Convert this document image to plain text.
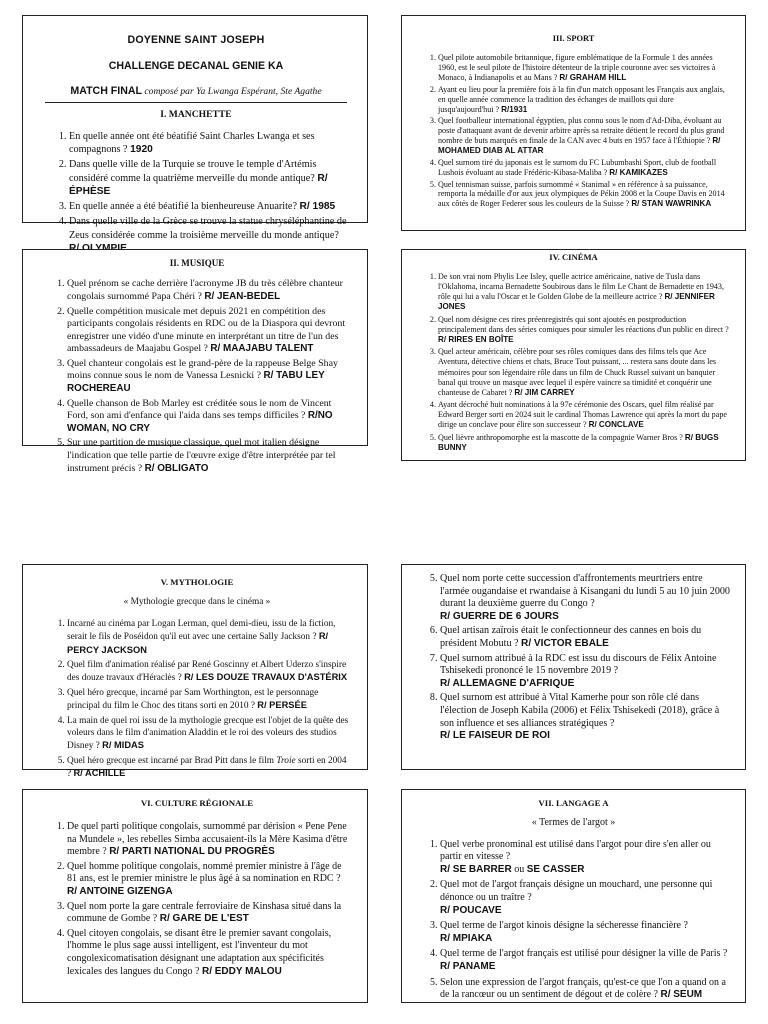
DOYENNE SAINT JOSEPH
CHALLENGE DECANAL GENIE KA
MATCH FINAL composé par Ya Lwanga Espérant, Ste Agathe
I. MANCHETTE
1. En quelle année ont été béatifié Saint Charles Lwanga et ses compagnons ? 1920
2. Dans quelle ville de la Turquie se trouve le temple d'Artémis considéré comme la quatrième merveille du monde antique? R/ ÉPHÈSE
3. En quelle année a été béatifié la bienheureuse Anuarite? R/ 1985
4. Dans quelle ville de la Grèce se trouve la statue chryséléphantine de Zeus considérée comme la troisième merveille du monde antique?
III. SPORT
1. Quel pilote automobile britannique, figure emblématique de la Formule 1 des années 1960, est le seul pilote de l'histoire détenteur de la triple couronne avec ses victoires à Monaco, à Indianapolis et au Mans ? R/ GRAHAM HILL
2. Ayant eu lieu pour la première fois à la fin d'un match opposant les Français aux anglais, en quelle année commence la tradition des échanges de maillots qui dure jusqu'aujourd'hui ? R/1931
3. Quel footballeur international égyptien, plus connu sous le nom d'Ad-Diba, évoluant au poste d'attaquant avant de devenir arbitre après sa retraite détient le record du plus grand nombre de buts marqués en finale de la CAN avec 4 buts en 1957 face à l'Éthiopie ? R/ MOHAMED DIAB AL ATTAR
4. Quel surnom tiré du japonais est le surnom du FC Lubumbashi Sport, club de football Lushois évoluant au stade Frédéric-Kibasa-Maliba ? R/ KAMIKAZES
5. Quel tennisman suisse, parfois surnommé « Stanimal » en référence à sa puissance, remporta la médaille d'or aux jeux olympiques de Pékin 2008 et la Coupe Davis en 2014 aux côtés de Roger Federer sous les couleurs de la Suisse ? R/ STAN WAWRINKA
II. MUSIQUE
1. Quel prénom se cache derrière l'acronyme JB du très célèbre chanteur congolais surnommé Papa Chéri ? R/ JEAN-BEDEL
2. Quelle compétition musicale met depuis 2021 en compétition des participants congolais résidents en RDC ou de la Diaspora qui devront enregistrer une vidéo d'une minute en interprétant un titre de l'un des ambassadeurs de Maajabu Gospel ? R/ MAAJABU TALENT
3. Quel chanteur congolais est le grand-père de la rappeuse Belge Shay moins connue sous le nom de Vanessa Lesnicki ? R/ TABU LEY ROCHEREAU
4. Quelle chanson de Bob Marley est créditée sous le nom de Vincent Ford, son ami d'enfance qui l'aida dans ses temps difficiles ? R/NO WOMAN, NO CRY
5. Sur une partition de musique classique, quel mot italien désigne l'indication que telle partie de l'œuvre exige d'être interprétée par tel instrument précis ? R/ OBLIGATO
IV. CINÉMA
1. De son vrai nom Phylis Lee Isley, quelle actrice américaine, native de Tusla dans l'Oklahoma, incarna Bernadette Soubirous dans le film Le Chant de Bernadette en 1943, rôle qui lui a valu l'Oscar et le Golden Globe de la meilleure actrice ? R/ JENNIFER JONES
2. Quel nom désigne ces rires préenregistrés qui sont ajoutés en postproduction principalement dans des séries comiques pour simuler les réactions d'un public en direct ? R/ RIRES EN BOÎTE
3. Quel acteur américain, célèbre pour ses rôles comiques dans des films tels que Ace Aventura, détective chiens et chats, Bruce Tout puissant, ... restera sans doute dans les mémoires pour son légendaire rôle dans un film de Chuck Russel suivant un banquier banal qui trouve un masque avec lequel il espère vaincre sa timidité et conquérir une chanteuse de Cabaret ? R/ JIM CARREY
4. Ayant décroché huit nominations à la 97e cérémonie des Oscars, quel film réalisé par Edward Berger sorti en 2024 suit le cardinal Thomas Lawrence qui après la mort du pape dirige un conclave pour élire son successeur ? R/ CONCLAVE
5. Quel lièvre anthropomorphe est la mascotte de la compagnie Warner Bros ? R/ BUGS BUNNY
V. MYTHOLOGIE
« Mythologie grecque dans le cinéma »
1. Incarné au cinéma par Logan Lerman, quel demi-dieu, issu de la fiction, serait le fils de Poséidon qu'il eut avec une certaine Sally Jackson ? R/ PERCY JACKSON
2. Quel film d'animation réalisé par René Goscinny et Albert Uderzo s'inspire des douze travaux d'Héraclès ? R/ LES DOUZE TRAVAUX D'ASTÉRIX
3. Quel héro grecque, incarné par Sam Worthington, est le personnage principal du film le Choc des titans sorti en 2010 ? R/ PERSÉE
4. La main de quel roi issu de la mythologie grecque est l'objet de la quête des voleurs dans le film d'animation Aladdin et le roi des voleurs des studios Disney ? R/ MIDAS
5. Quel héro grecque est incarné par Brad Pitt dans le film Troie sorti en 2004 ? R/ ACHILLE
5. Quel nom porte cette succession d'affrontements meurtriers entre l'armée ougandaise et rwandaise à Kisangani du lundi 5 au 10 juin 2000 durant la deuxième guerre du Congo ?
R/ GUERRE DE 6 JOURS
6. Quel artisan zaïrois était le confectionneur des cannes en bois du président Mobutu ? R/ VICTOR EBALE
7. Quel surnom attribué à la RDC est issu du discours de Félix Antoine Tshisekedi prononcé le 15 novembre 2019 ?
R/ ALLEMAGNE D'AFRIQUE
8. Quel surnom est attribué à Vital Kamerhe pour son rôle clé dans l'élection de Joseph Kabila (2006) et Félix Tshisekedi (2018), grâce à son influence et ses alliances stratégiques ?
R/ LE FAISEUR DE ROI
VI. CULTURE RÉGIONALE
1. De quel parti politique congolais, surnommé par dérision « Pene Pene na Mundele », les rebelles Simba accusaient-ils la Mère Kasima d'être membre ? R/ PARTI NATIONAL DU PROGRÈS
2. Quel homme politique congolais, nommé premier ministre à l'âge de 81 ans, est le premier ministre le plus âgé à sa nomination en RDC ? R/ ANTOINE GIZENGA
3. Quel nom porte la gare centrale ferroviaire de Kinshasa situé dans la commune de Gombe ? R/ GARE DE L'EST
4. Quel citoyen congolais, se disant être le premier savant congolais, l'homme le plus sage aussi intelligent, est l'inventeur du mot congolexicomatisation désignant une adaptation aux spécificités lexicales des langues du Congo ? R/ EDDY MALOU
VII. LANGAGE A
« Termes de l'argot »
1. Quel verbe pronominal est utilisé dans l'argot pour dire s'en aller ou partir en vitesse ?
R/ SE BARRER ou SE CASSER
2. Quel mot de l'argot français désigne un mouchard, une personne qui dénonce ou un traître ?
R/ POUCAVE
3. Quel terme de l'argot kinois désigne la sécheresse financière ?
R/ MPIAKA
4. Quel terme de l'argot français est utilisé pour désigner la ville de Paris ?
R/ PANAME
5. Selon une expression de l'argot français, qu'est-ce que l'on a quand on a de la rancœur ou un sentiment de dégout et de colère ? R/ SEUM
